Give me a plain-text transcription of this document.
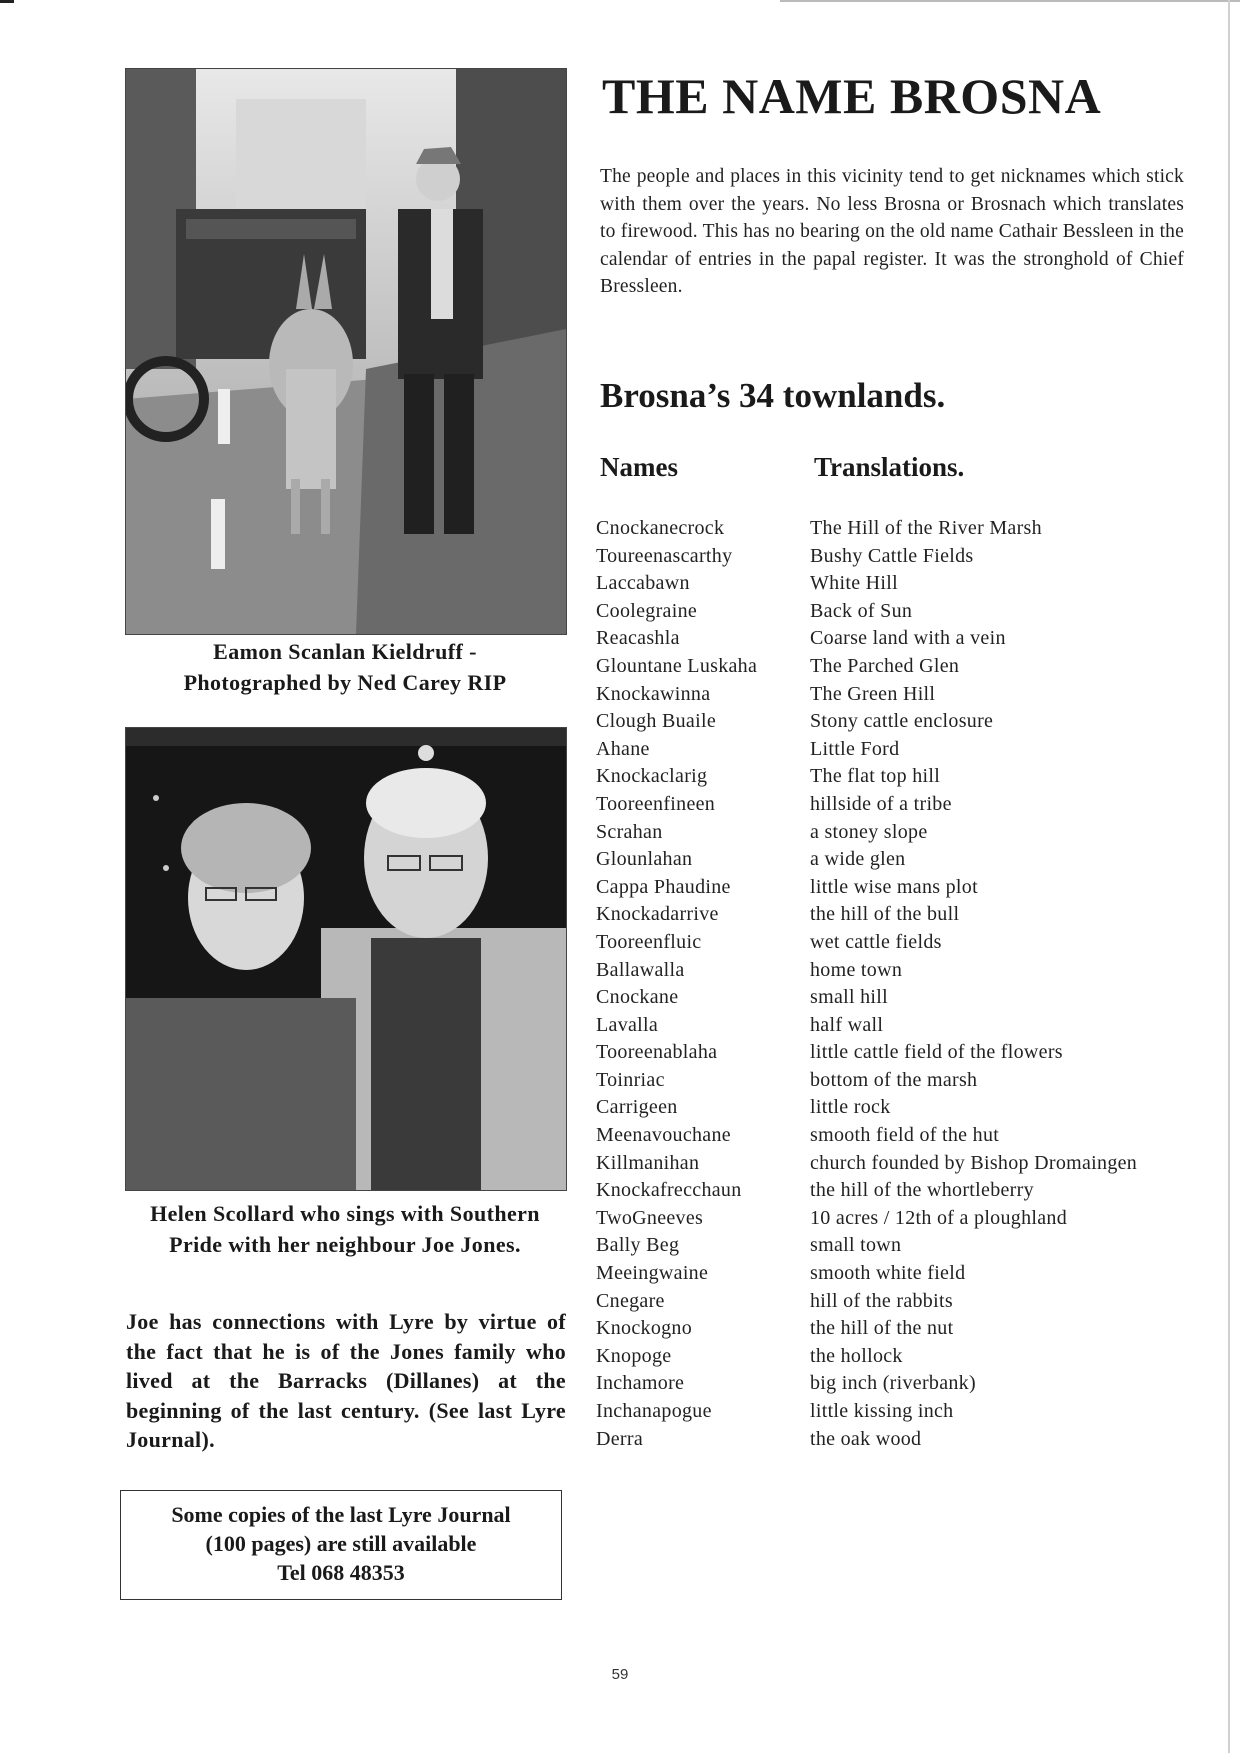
Eamon Scanlan Kieldruff -
Photographed by Ned Carey RIP
Helen Scollard who sings with Southern
Pride with her neighbour Joe Jones.

Joe has connections with Lyre by virtue of the fact that he is of the Jones family who lived at the Barracks (Dillanes) at the beginning of the last century. (See last Lyre Journal).

Some copies of the last Lyre Journal
(100 pages) are still available
Tel 068 48353
THE NAME BROSNA

The people and places in this vicinity tend to get nicknames which stick with them over the years. No less Brosna or Brosnach which translates to firewood. This has no bearing on the old name Cathair Bessleen in the calendar of entries in the papal register. It was the stronghold of Chief Bressleen.

Brosna’s 34 townlands.
Names	Translations.
Cnockanecrock	The Hill of the River Marsh
Toureenascarthy	Bushy Cattle Fields
Laccabawn	White Hill
Coolegraine	Back of Sun
Reacashla	Coarse land with a vein
Glountane Luskaha	The Parched Glen
Knockawinna	The Green Hill
Clough Buaile	Stony cattle enclosure
Ahane	Little Ford
Knockaclarig	The flat top hill
Tooreenfineen	hillside of a tribe
Scrahan	a stoney slope
Glounlahan	a wide glen
Cappa Phaudine	little wise mans plot
Knockadarrive	the hill of the bull
Tooreenfluic	wet cattle fields
Ballawalla	home town
Cnockane	small hill
Lavalla	half wall
Tooreenablaha	little cattle field of the flowers
Toinriac	bottom of the marsh
Carrigeen	little rock
Meenavouchane	smooth field of the hut
Killmanihan	church founded by Bishop Dromaingen
Knockafrecchaun	the hill of the whortleberry
TwoGneeves	10 acres / 12th of a ploughland
Bally Beg	small town
Meeingwaine	smooth white field
Cnegare	hill of the rabbits
Knockogno	the hill of the nut
Knopoge	the hollock
Inchamore	big inch (riverbank)
Inchanapogue	little kissing inch
Derra	the oak wood
59
